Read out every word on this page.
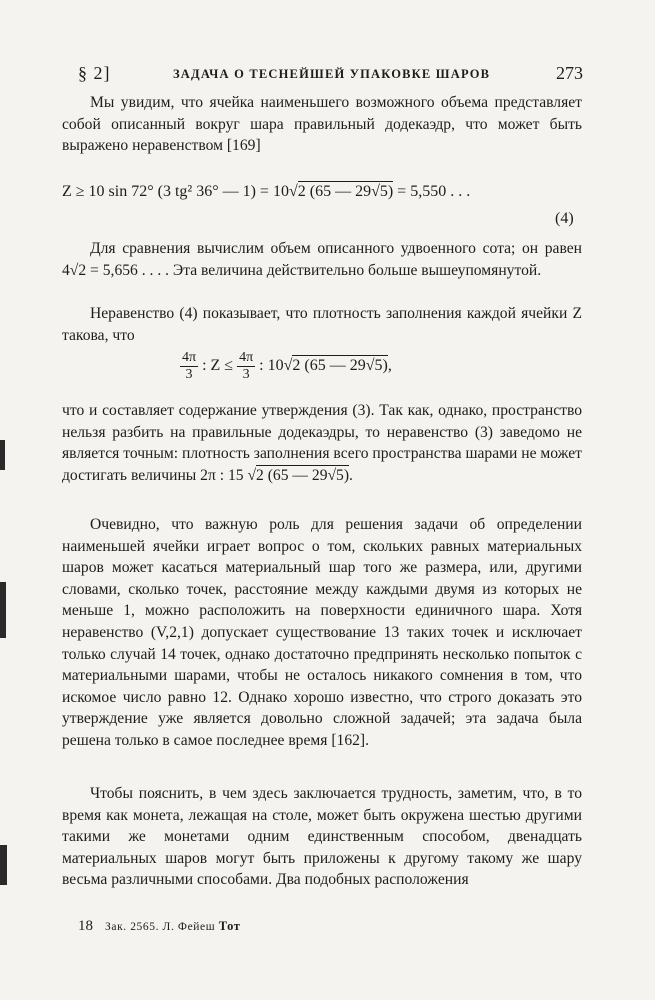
§ 2]	ЗАДАЧА О ТЕСНЕЙШЕЙ УПАКОВКЕ ШАРОВ	273

Мы увидим, что ячейка наименьшего возможного объема представляет собой описанный вокруг шара правильный додекаэдр, что может быть выражено неравенством [169]

Z ≥ 10 sin 72° (3 tg² 36° — 1) = 10√2 (65 — 29√5) = 5,550 . . .
(4)

Для сравнения вычислим объем описанного удвоенного сота; он равен 4√2 = 5,656 . . . . Эта величина действительно больше вышеупомянутой.

Неравенство (4) показывает, что плотность заполнения каждой ячейки Z такова, что

$\frac{4\pi}{3}$ : $Z \le \frac{4\pi}{3}$ : 10√2 (65 — 29√5),

что и составляет содержание утверждения (3). Так как, однако, пространство нельзя разбить на правильные додекаэдры, то неравенство (3) заведомо не является точным: плотность заполнения всего пространства шарами не может достигать величины 2π : 15 √2 (65 — 29√5).

Очевидно, что важную роль для решения задачи об определении наименьшей ячейки играет вопрос о том, скольких равных материальных шаров может касаться материальный шар того же размера, или, другими словами, сколько точек, расстояние между каждыми двумя из которых не меньше 1, можно расположить на поверхности единичного шара. Хотя неравенство (V,2,1) допускает существование 13 таких точек и исключает только случай 14 точек, однако достаточно предпринять несколько попыток с материальными шарами, чтобы не осталось никакого сомнения в том, что искомое число равно 12. Однако хорошо известно, что строго доказать это утверждение уже является довольно сложной задачей; эта задача была решена только в самое последнее время [162].

Чтобы пояснить, в чем здесь заключается трудность, заметим, что, в то время как монета, лежащая на столе, может быть окружена шестью другими такими же монетами одним единственным способом, двенадцать материальных шаров могут быть приложены к другому такому же шару весьма различными способами. Два подобных расположения

18 Зак. 2565. Л. Фейеш Тот
